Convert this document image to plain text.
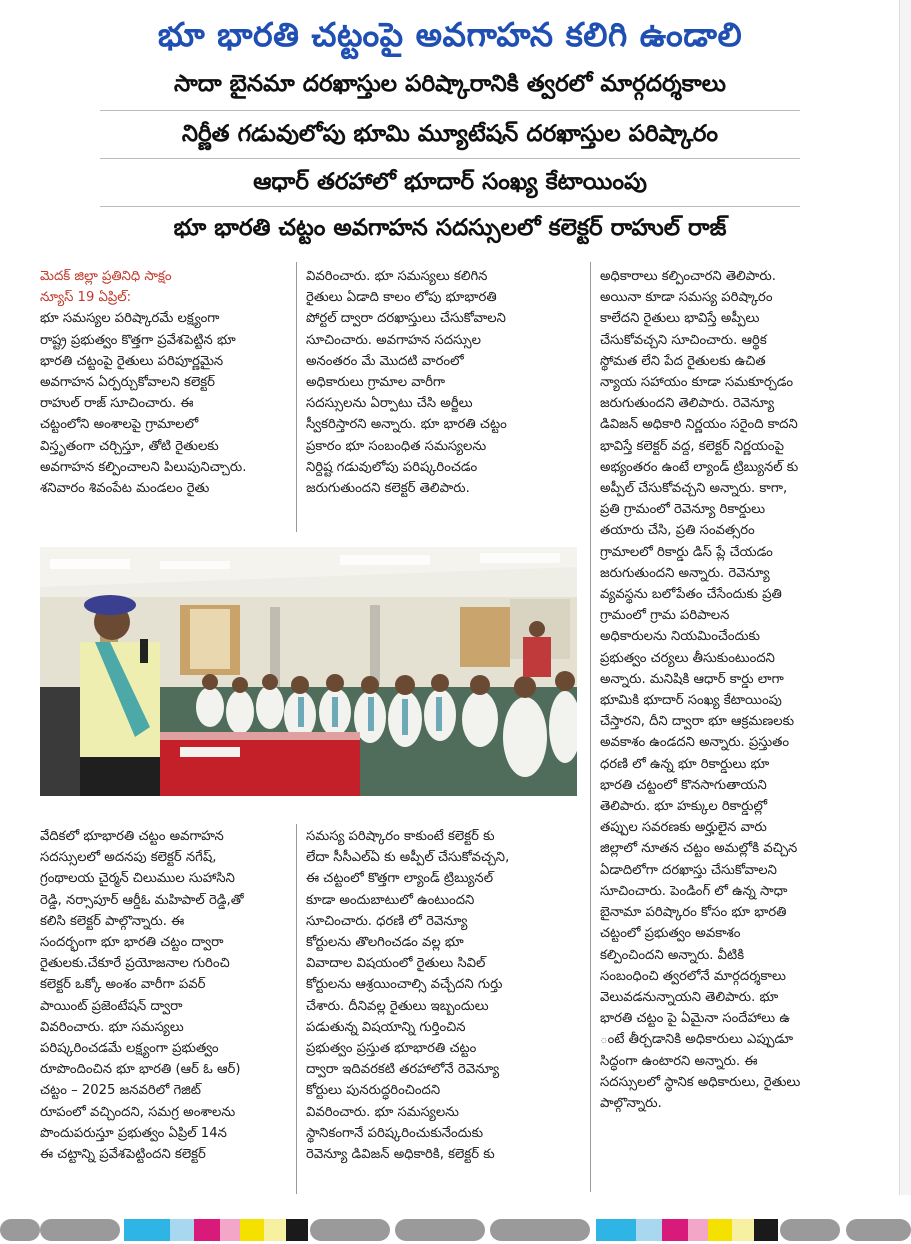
భూ భారతి చట్టంపై అవగాహన కలిగి ఉండాలి
సాదా బైనమా దరఖాస్తుల పరిష్కారానికి త్వరలో మార్గదర్శకాలు
నిర్ణీత గడువులోపు భూమి మ్యూటేషన్ దరఖాస్తుల పరిష్కారం
ఆధార్ తరహాలో భూదార్ సంఖ్య కేటాయింపు
భూ భారతి చట్టం అవగాహన సదస్సులలో కలెక్టర్ రాహుల్ రాజ్

మెదక్ జిల్లా ప్రతినిధి సాక్షం

న్యూస్ 19 ఏప్రిల్:

భూ సమస్యల పరిష్కారమే లక్ష్యంగా

రాష్ట్ర ప్రభుత్వం కొత్తగా ప్రవేశపెట్టిన భూ

భారతి చట్టంపై రైతులు పరిపూర్ణమైన

అవగాహన ఏర్పర్చుకోవాలని కలెక్టర్

రాహుల్ రాజ్ సూచించారు. ఈ

చట్టంలోని అంశాలపై గ్రామాలలో

విస్తృతంగా చర్చిస్తూ, తోటి రైతులకు

అవగాహన కల్పించాలని పిలుపునిచ్చారు.

శనివారం శివంపేట మండలం రైతు

వివరించారు. భూ సమస్యలు కలిగిన

రైతులు ఏడాది కాలం లోపు భూభారతి

పోర్టల్ ద్వారా దరఖాస్తులు చేసుకోవాలని

సూచించారు. అవగాహన సదస్సుల

అనంతరం మే మొదటి వారంలో

అధికారులు గ్రామాల వారీగా

సదస్సులను ఏర్పాటు చేసి అర్జీలు

స్వీకరిస్తారని అన్నారు. భూ భారతి చట్టం

ప్రకారం భూ సంబంధిత సమస్యలను

నిర్దిష్ట గడువులోపు పరిష్కరించడం

జరుగుతుందని కలెక్టర్ తెలిపారు.

అధికారాలు కల్పించారని తెలిపారు.

అయినా కూడా సమస్య పరిష్కారం

కాలేదని రైతులు భావిస్తే అప్పీలు

చేసుకోవచ్చని సూచించారు. ఆర్థిక

స్థోమత లేని పేద రైతులకు ఉచిత

న్యాయ సహాయం కూడా సమకూర్చడం

జరుగుతుందని తెలిపారు. రెవెన్యూ

డివిజన్ అధికారి నిర్ణయం సరైంది కాదని

భావిస్తే కలెక్టర్ వద్ద, కలెక్టర్ నిర్ణయంపై

అభ్యంతరం ఉంటే ల్యాండ్ ట్రిబ్యునల్ కు

అప్పీల్ చేసుకోవచ్చని అన్నారు. కాగా,

ప్రతి గ్రామంలో రెవెన్యూ రికార్డులు

తయారు చేసి, ప్రతి సంవత్సరం

గ్రామాలలో రికార్డు డిస్ ప్లే చేయడం

జరుగుతుందని అన్నారు. రెవెన్యూ

వ్యవస్థను బలోపేతం చేసేందుకు ప్రతి

గ్రామంలో గ్రామ పరిపాలన

అధికారులను నియమించేందుకు

ప్రభుత్వం చర్యలు తీసుకుంటుందని

అన్నారు. మనిషికి ఆధార్ కార్డు లాగా

భూమికి భూదార్ సంఖ్య కేటాయింపు

చేస్తారని, దీని ద్వారా భూ ఆక్రమణలకు

అవకాశం ఉండదని అన్నారు. ప్రస్తుతం

ధరణి లో ఉన్న భూ రికార్డులు భూ

భారతి చట్టంలో కొనసాగుతాయని

తెలిపారు. భూ హక్కుల రికార్డుల్లో

తప్పుల సవరణకు అర్హులైన వారు

జిల్లాలో నూతన చట్టం అమల్లోకి వచ్చిన

ఏడాదిలోగా దరఖాస్తు చేసుకోవాలని

సూచించారు. పెండింగ్ లో ఉన్న సాధా

బైనామా పరిష్కారం కోసం భూ భారతి

చట్టంలో ప్రభుత్వం అవకాశం

కల్పించిందని అన్నారు. వీటికి

సంబంధించి త్వరలోనే మార్గదర్శకాలు

వెలువడనున్నాయని తెలిపారు. భూ

భారతి చట్టం పై ఏమైనా సందేహాలు ఉ

ంటే తీర్చడానికి అధికారులు ఎప్పుడూ

సిద్ధంగా ఉంటారని అన్నారు. ఈ

సదస్సులలో స్థానిక అధికారులు, రైతులు

పాల్గొన్నారు.

వేదికలో భూభారతి చట్టం అవగాహన

సదస్సులలో అదనపు కలెక్టర్ నగేష్,

గ్రంథాలయ చైర్మన్ చిలుముల సుహాసిని

రెడ్డి, నర్సాపూర్ ఆర్డీఓ మహిపాల్ రెడ్డి,తో

కలిసి కలెక్టర్ పాల్గొన్నారు. ఈ

సందర్భంగా భూ భారతి చట్టం ద్వారా

రైతులకు.చేకూరే ప్రయోజనాల గురించి

కలెక్టర్ ఒక్కో అంశం వారీగా పవర్

పాయింట్ ప్రజెంటేషన్ ద్వారా

వివరించారు. భూ సమస్యలు

పరిష్కరించడమే లక్ష్యంగా ప్రభుత్వం

రూపొందించిన భూ భారతి (ఆర్ ఓ ఆర్)

చట్టం – 2025 జనవరిలో గెజిట్

రూపంలో వచ్చిందని, సమగ్ర అంశాలను

పొందుపరుస్తూ ప్రభుత్వం ఏప్రిల్ 14న

ఈ చట్టాన్ని ప్రవేశపెట్టిందని కలెక్టర్

సమస్య పరిష్కారం కాకుంటే కలెక్టర్ కు

లేదా సీసీఎల్ఏ కు అప్పీల్ చేసుకోవచ్చని,

ఈ చట్టంలో కొత్తగా ల్యాండ్ ట్రిబ్యునల్

కూడా అందుబాటులో ఉంటుందని

సూచించారు. ధరణి లో రెవెన్యూ

కోర్టులను తొలగించడం వల్ల భూ

వివాదాల విషయంలో రైతులు సివిల్

కోర్టులను ఆశ్రయించాల్సి వచ్చేదని గుర్తు

చేశారు. దీనివల్ల రైతులు ఇబ్బందులు

పడుతున్న విషయాన్ని గుర్తించిన

ప్రభుత్వం ప్రస్తుత భూభారతి చట్టం

ద్వారా ఇదివరకటి తరహాలోనే రెవెన్యూ

కోర్టులు పునరుద్ధరించిందని

వివరించారు. భూ సమస్యలను

స్థానికంగానే పరిష్కరించుకునేందుకు

రెవెన్యూ డివిజన్ అధికారికి, కలెక్టర్ కు
